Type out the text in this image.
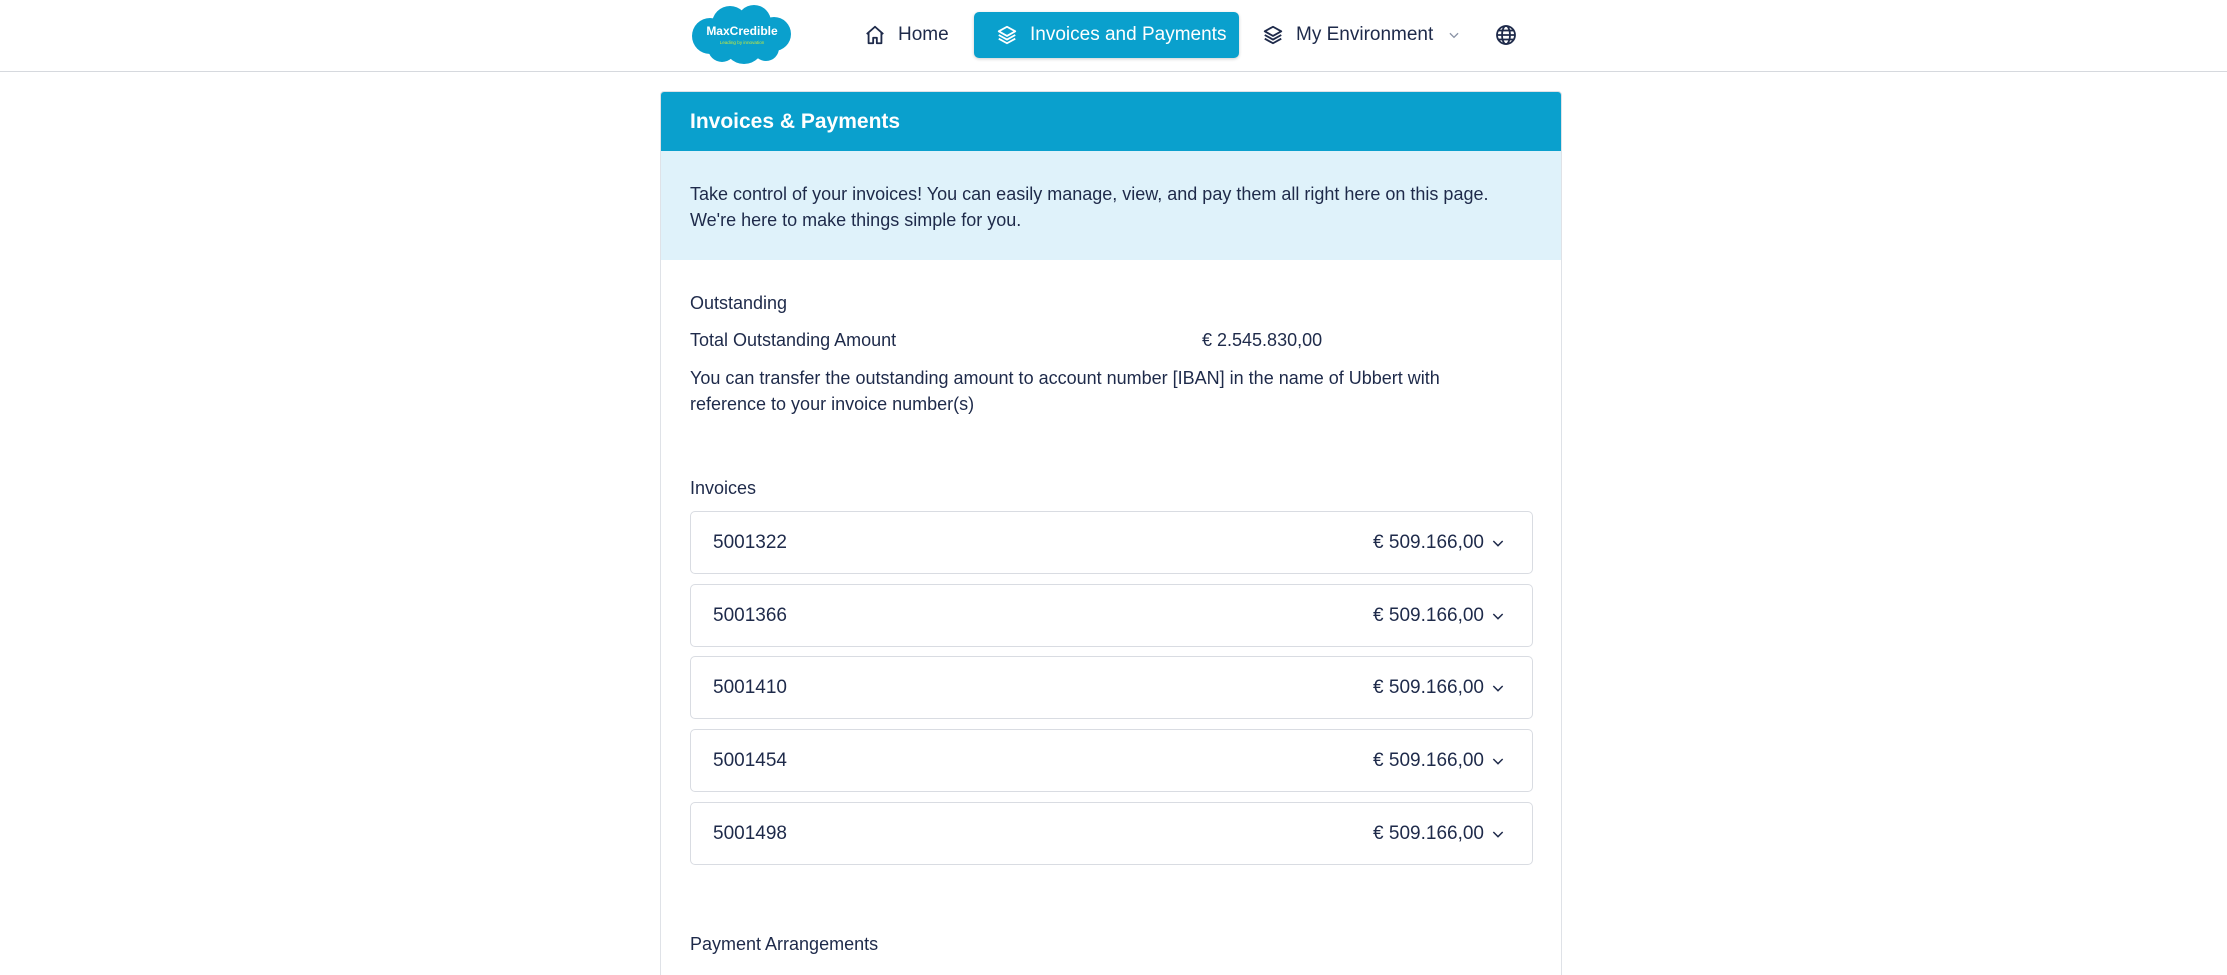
MaxCredible
Leading by innovation	Home	Invoices and Payments	My Environment
Invoices & Payments
Take control of your invoices! You can easily manage, view, and pay them all right here on this page.
We're here to make things simple for you.
Outstanding
Total Outstanding Amount	€ 2.545.830,00
You can transfer the outstanding amount to account number [IBAN] in the name of Ubbert with
reference to your invoice number(s)
Invoices
5001322	€ 509.166,00
5001366	€ 509.166,00
5001410	€ 509.166,00
5001454	€ 509.166,00
5001498	€ 509.166,00
Payment Arrangements
